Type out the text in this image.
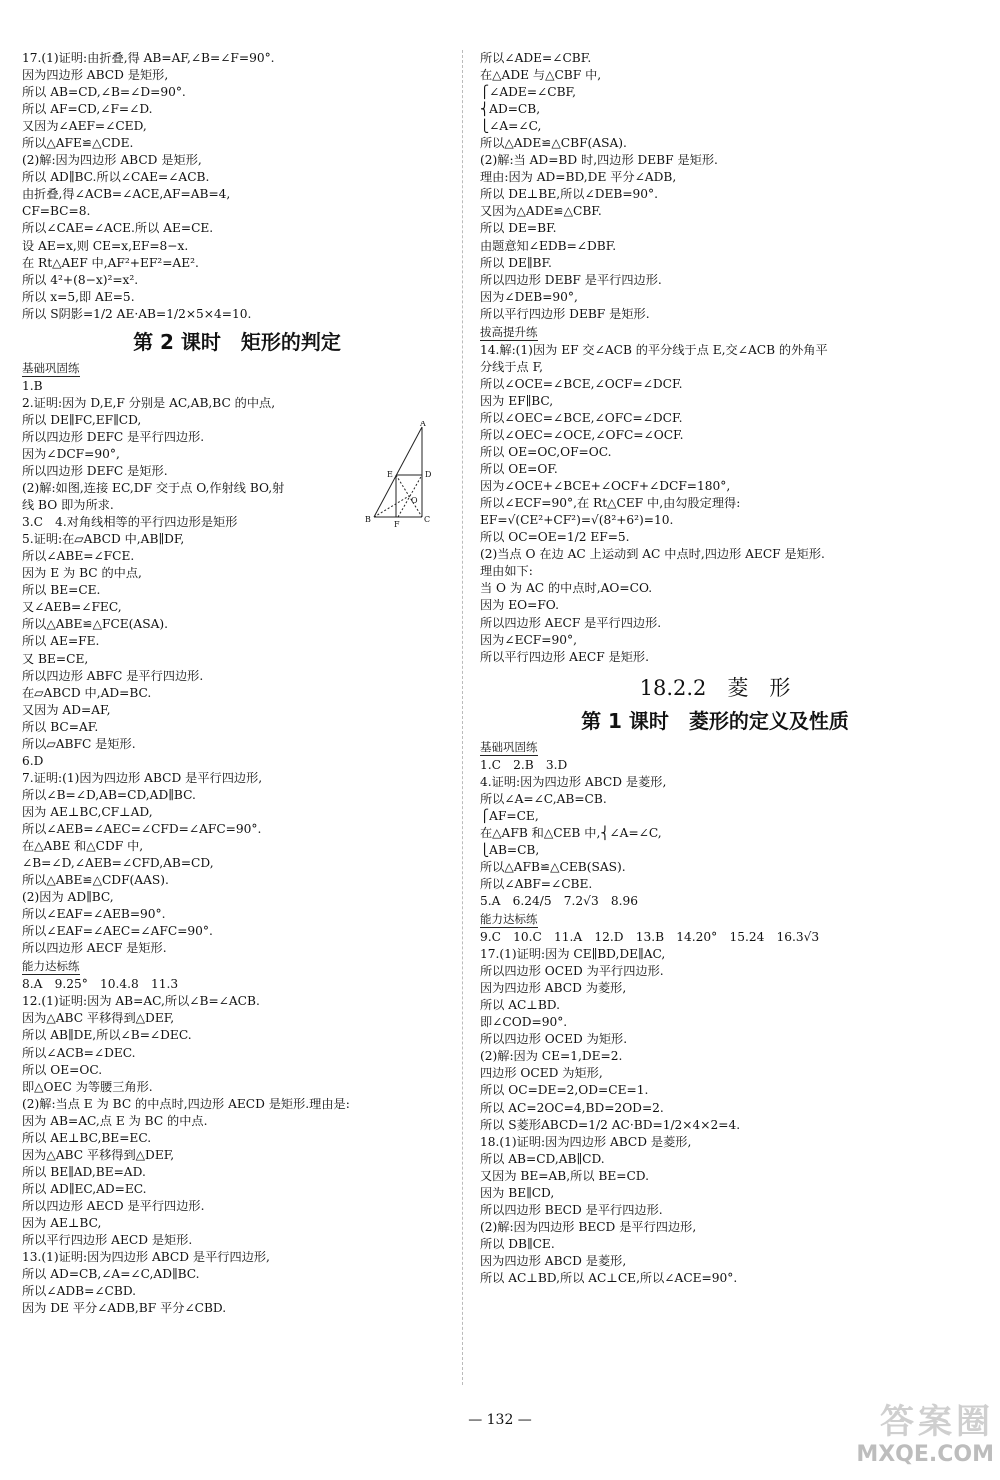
17.(1)证明:由折叠,得 AB=AF,∠B=∠F=90°.
因为四边形 ABCD 是矩形,
所以 AB=CD,∠B=∠D=90°.
所以 AF=CD,∠F=∠D.
又因为∠AEF=∠CED,
所以△AFE≌△CDE.
(2)解:因为四边形 ABCD 是矩形,
所以 AD∥BC.所以∠CAE=∠ACB.
由折叠,得∠ACB=∠ACE,AF=AB=4,
CF=BC=8.
所以∠CAE=∠ACE.所以 AE=CE.
设 AE=x,则 CE=x,EF=8−x.
在 Rt△AEF 中,AF²+EF²=AE².
所以 4²+(8−x)²=x².
所以 x=5,即 AE=5.
所以 S阴影=1/2 AE·AB=1/2×5×4=10.
第 2 课时　矩形的判定
基础巩固练
1.B
2.证明:因为 D,E,F 分别是 AC,AB,BC 的中点,
所以 DE∥FC,EF∥CD,
所以四边形 DEFC 是平行四边形.
因为∠DCF=90°,
所以四边形 DEFC 是矩形.
(2)解:如图,连接 EC,DF 交于点 O,作射线 BO,射
线 BO 即为所求.
3.C　4.对角线相等的平行四边形是矩形
5.证明:在▱ABCD 中,AB∥DF,
所以∠ABE=∠FCE.
因为 E 为 BC 的中点,
所以 BE=CE.
又∠AEB=∠FEC,
所以△ABE≌△FCE(ASA).
所以 AE=FE.
又 BE=CE,
所以四边形 ABFC 是平行四边形.
在▱ABCD 中,AD=BC.
又因为 AD=AF,
所以 BC=AF.
所以▱ABFC 是矩形.
6.D
7.证明:(1)因为四边形 ABCD 是平行四边形,
所以∠B=∠D,AB=CD,AD∥BC.
因为 AE⊥BC,CF⊥AD,
所以∠AEB=∠AEC=∠CFD=∠AFC=90°.
在△ABE 和△CDF 中,
∠B=∠D,∠AEB=∠CFD,AB=CD,
所以△ABE≌△CDF(AAS).
(2)因为 AD∥BC,
所以∠EAF=∠AEB=90°.
所以∠EAF=∠AEC=∠AFC=90°.
所以四边形 AECF 是矩形.
能力达标练
8.A　9.25°　10.4.8　11.3
12.(1)证明:因为 AB=AC,所以∠B=∠ACB.
因为△ABC 平移得到△DEF,
所以 AB∥DE,所以∠B=∠DEC.
所以∠ACB=∠DEC.
所以 OE=OC.
即△OEC 为等腰三角形.
(2)解:当点 E 为 BC 的中点时,四边形 AECD 是矩形.理由是:
因为 AB=AC,点 E 为 BC 的中点.
所以 AE⊥BC,BE=EC.
因为△ABC 平移得到△DEF,
所以 BE∥AD,BE=AD.
所以 AD∥EC,AD=EC.
所以四边形 AECD 是平行四边形.
因为 AE⊥BC,
所以平行四边形 AECD 是矩形.
13.(1)证明:因为四边形 ABCD 是平行四边形,
所以 AD=CB,∠A=∠C,AD∥BC.
所以∠ADB=∠CBD.
因为 DE 平分∠ADB,BF 平分∠CBD.
所以∠ADE=∠CBF.
在△ADE 与△CBF 中,
⎧∠ADE=∠CBF,
⎨AD=CB,
⎩∠A=∠C,
所以△ADE≌△CBF(ASA).
(2)解:当 AD=BD 时,四边形 DEBF 是矩形.
理由:因为 AD=BD,DE 平分∠ADB,
所以 DE⊥BE,所以∠DEB=90°.
又因为△ADE≌△CBF.
所以 DE=BF.
由题意知∠EDB=∠DBF.
所以 DE∥BF.
所以四边形 DEBF 是平行四边形.
因为∠DEB=90°,
所以平行四边形 DEBF 是矩形.
拔高提升练
14.解:(1)因为 EF 交∠ACB 的平分线于点 E,交∠ACB 的外角平
分线于点 F,
所以∠OCE=∠BCE,∠OCF=∠DCF.
因为 EF∥BC,
所以∠OEC=∠BCE,∠OFC=∠DCF.
所以∠OEC=∠OCE,∠OFC=∠OCF.
所以 OE=OC,OF=OC.
所以 OE=OF.
因为∠OCE+∠BCE+∠OCF+∠DCF=180°,
所以∠ECF=90°,在 Rt△CEF 中,由勾股定理得:
EF=√(CE²+CF²)=√(8²+6²)=10.
所以 OC=OE=1/2 EF=5.
(2)当点 O 在边 AC 上运动到 AC 中点时,四边形 AECF 是矩形.
理由如下:
当 O 为 AC 的中点时,AO=CO.
因为 EO=FO.
所以四边形 AECF 是平行四边形.
因为∠ECF=90°,
所以平行四边形 AECF 是矩形.
18.2.2　菱　形
第 1 课时　菱形的定义及性质
基础巩固练
1.C　2.B　3.D
4.证明:因为四边形 ABCD 是菱形,
所以∠A=∠C,AB=CB.
⎧AF=CE,
在△AFB 和△CEB 中,⎨∠A=∠C,
⎩AB=CB,
所以△AFB≌△CEB(SAS).
所以∠ABF=∠CBE.
5.A　6.24/5　7.2√3　8.96
能力达标练
9.C　10.C　11.A　12.D　13.B　14.20°　15.24　16.3√3
17.(1)证明:因为 CE∥BD,DE∥AC,
所以四边形 OCED 为平行四边形.
因为四边形 ABCD 为菱形,
所以 AC⊥BD.
即∠COD=90°.
所以四边形 OCED 为矩形.
(2)解:因为 CE=1,DE=2.
四边形 OCED 为矩形,
所以 OC=DE=2,OD=CE=1.
所以 AC=2OC=4,BD=2OD=2.
所以 S菱形ABCD=1/2 AC·BD=1/2×4×2=4.
18.(1)证明:因为四边形 ABCD 是菱形,
所以 AB=CD,AB∥CD.
又因为 BE=AB,所以 BE=CD.
因为 BE∥CD,
所以四边形 BECD 是平行四边形.
(2)解:因为四边形 BECD 是平行四边形,
所以 DB∥CE.
因为四边形 ABCD 是菱形,
所以 AC⊥BD,所以 AC⊥CE,所以∠ACE=90°.
A
E	D
O
B
F
C
— 132 —	答案圈
MXQE.COM
